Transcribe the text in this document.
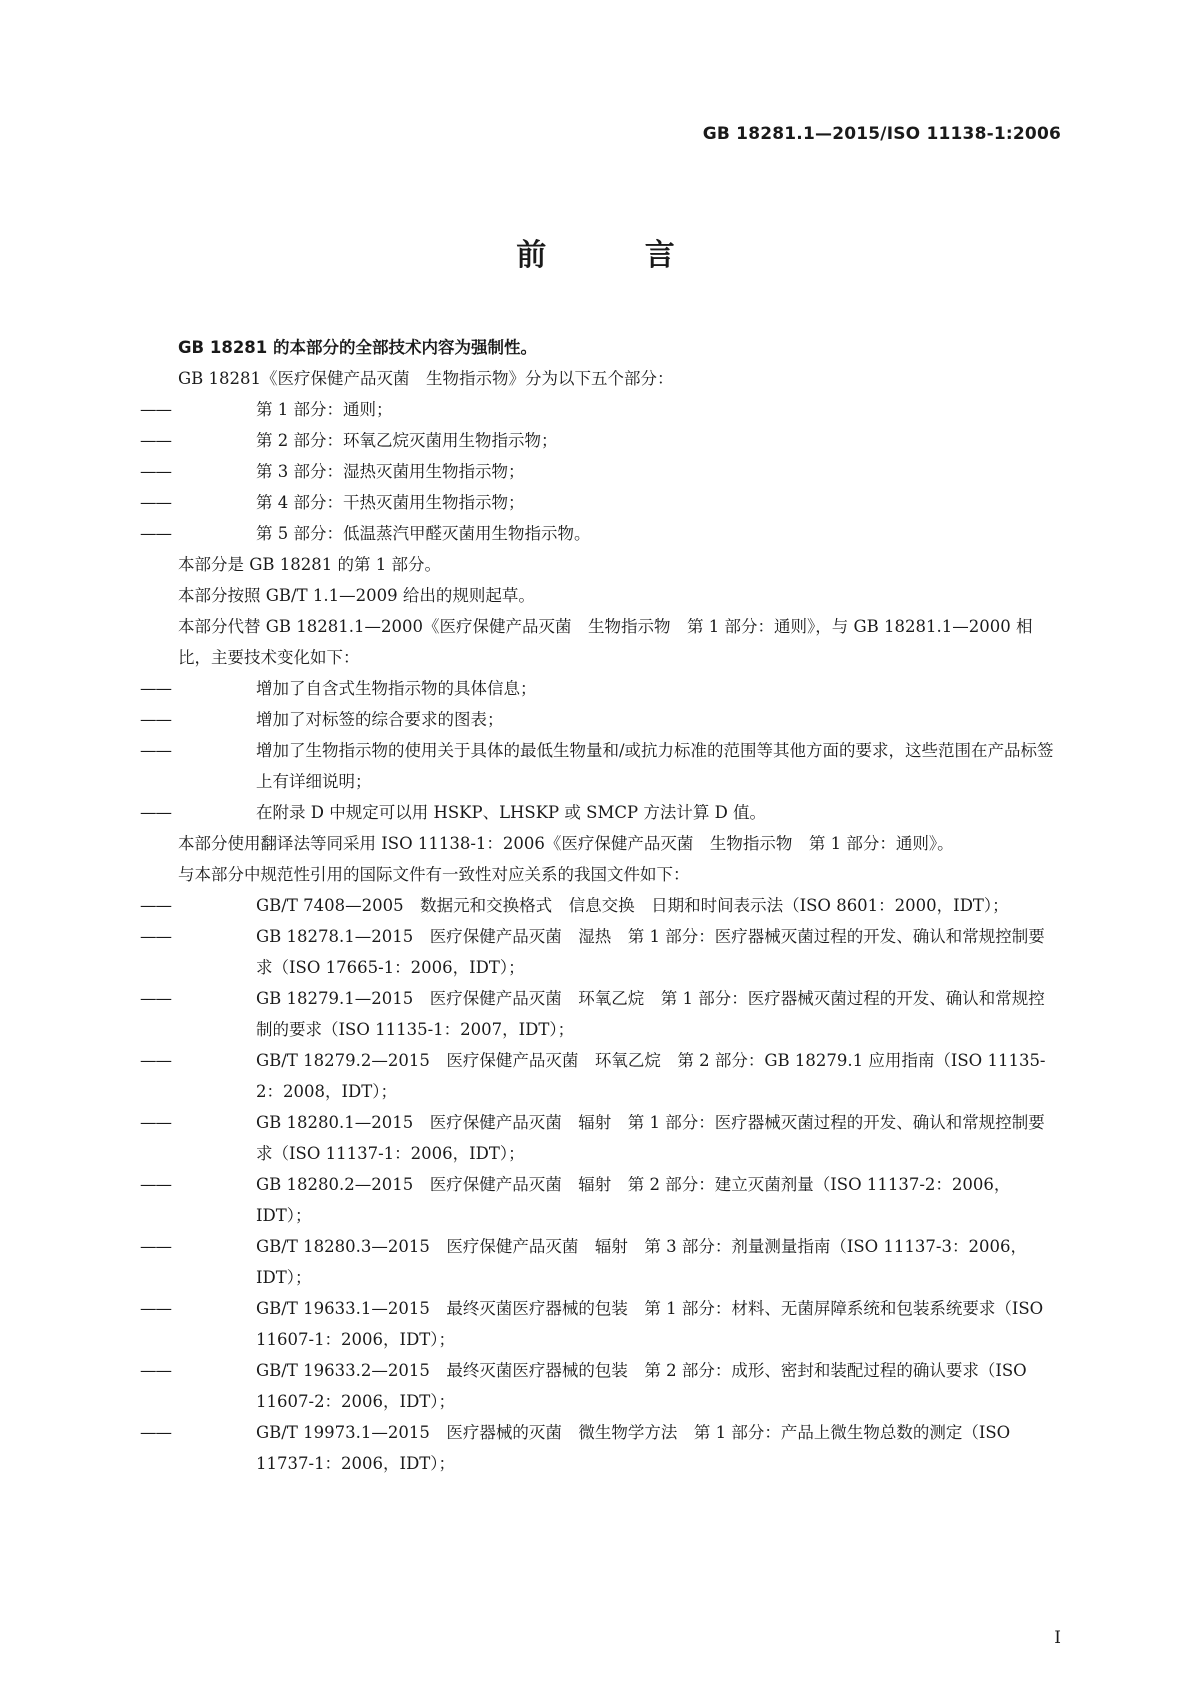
GB 18281.1—2015/ISO 11138-1:2006
前 言

GB 18281 的本部分的全部技术内容为强制性。

GB 18281《医疗保健产品灭菌　生物指示物》分为以下五个部分：

——	第 1 部分：通则；

——	第 2 部分：环氧乙烷灭菌用生物指示物；

——	第 3 部分：湿热灭菌用生物指示物；

——	第 4 部分：干热灭菌用生物指示物；

——	第 5 部分：低温蒸汽甲醛灭菌用生物指示物。

本部分是 GB 18281 的第 1 部分。

本部分按照 GB/T 1.1—2009 给出的规则起草。

本部分代替 GB 18281.1—2000《医疗保健产品灭菌　生物指示物　第 1 部分：通则》，与 GB 18281.1—2000 相比，主要技术变化如下：

——	增加了自含式生物指示物的具体信息；

——	增加了对标签的综合要求的图表；

——	增加了生物指示物的使用关于具体的最低生物量和/或抗力标准的范围等其他方面的要求，这些范围在产品标签上有详细说明；

——	在附录 D 中规定可以用 HSKP、LHSKP 或 SMCP 方法计算 D 值。

本部分使用翻译法等同采用 ISO 11138-1：2006《医疗保健产品灭菌　生物指示物　第 1 部分：通则》。

与本部分中规范性引用的国际文件有一致性对应关系的我国文件如下：

——	GB/T 7408—2005　数据元和交换格式　信息交换　日期和时间表示法（ISO 8601：2000，IDT）；

——	GB 18278.1—2015　医疗保健产品灭菌　湿热　第 1 部分：医疗器械灭菌过程的开发、确认和常规控制要求（ISO 17665-1：2006，IDT）；

——	GB 18279.1—2015　医疗保健产品灭菌　环氧乙烷　第 1 部分：医疗器械灭菌过程的开发、确认和常规控制的要求（ISO 11135-1：2007，IDT）；

——	GB/T 18279.2—2015　医疗保健产品灭菌　环氧乙烷　第 2 部分：GB 18279.1 应用指南（ISO 11135-2：2008，IDT）；

——	GB 18280.1—2015　医疗保健产品灭菌　辐射　第 1 部分：医疗器械灭菌过程的开发、确认和常规控制要求（ISO 11137-1：2006，IDT）；

——	GB 18280.2—2015　医疗保健产品灭菌　辐射　第 2 部分：建立灭菌剂量（ISO 11137-2：2006，IDT）；

——	GB/T 18280.3—2015　医疗保健产品灭菌　辐射　第 3 部分：剂量测量指南（ISO 11137-3：2006，IDT）；

——	GB/T 19633.1—2015　最终灭菌医疗器械的包装　第 1 部分：材料、无菌屏障系统和包装系统要求（ISO 11607-1：2006，IDT）；

——	GB/T 19633.2—2015　最终灭菌医疗器械的包装　第 2 部分：成形、密封和装配过程的确认要求（ISO 11607-2：2006，IDT）；

——	GB/T 19973.1—2015　医疗器械的灭菌　微生物学方法　第 1 部分：产品上微生物总数的测定（ISO 11737-1：2006，IDT）；

I
